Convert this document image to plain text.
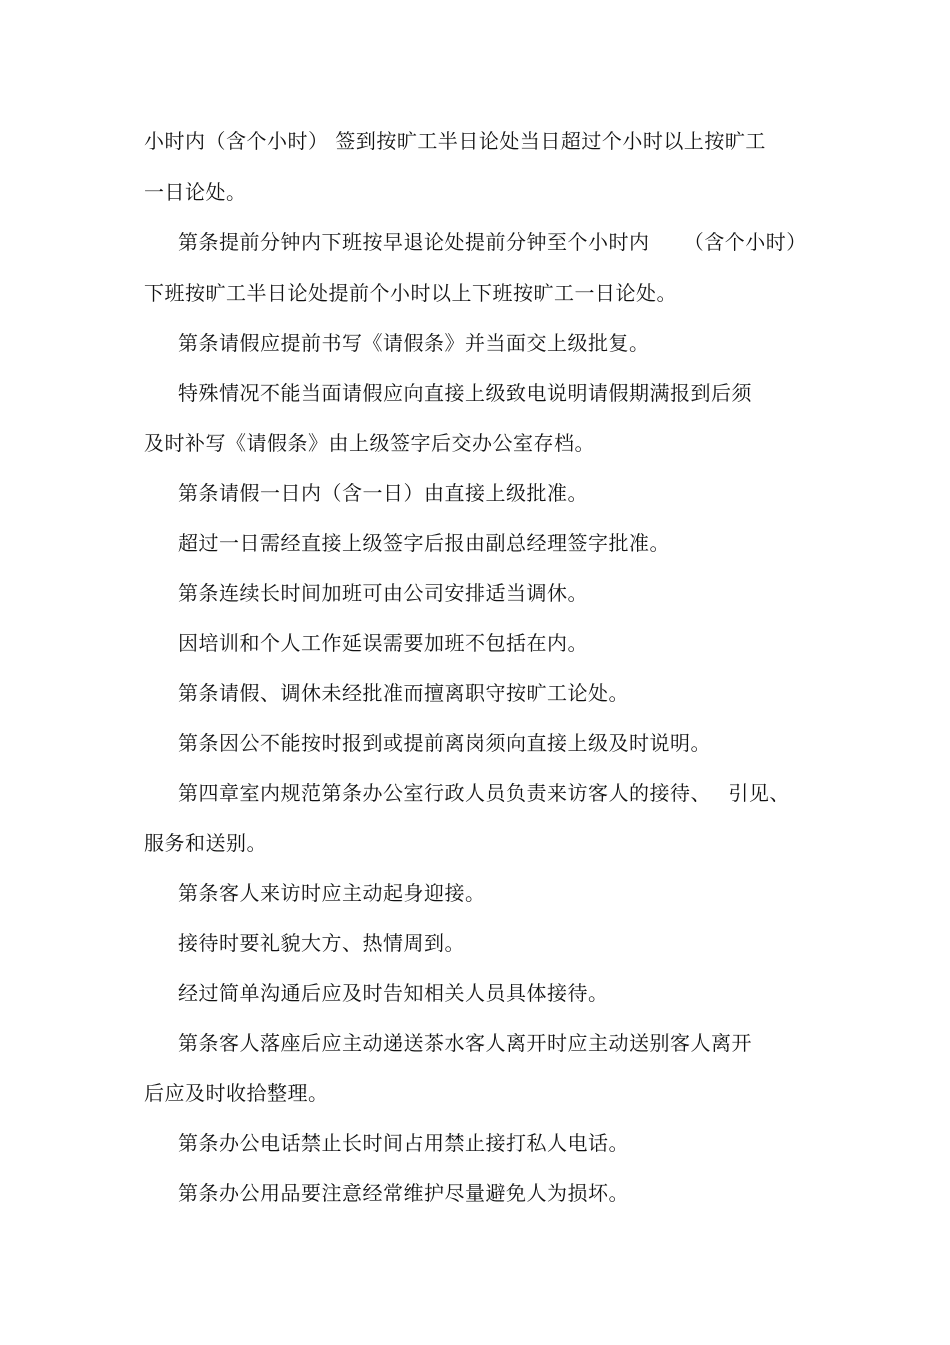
小时内（含个小时） 签到按旷工半日论处当日超过个小时以上按旷工
一日论处。
第条提前分钟内下班按早退论处提前分钟至个小时内　  （含个小时）
下班按旷工半日论处提前个小时以上下班按旷工一日论处。
第条请假应提前书写《请假条》并当面交上级批复。
特殊情况不能当面请假应向直接上级致电说明请假期满报到后须
及时补写《请假条》由上级签字后交办公室存档。
第条请假一日内（含一日）由直接上级批准。
超过一日需经直接上级签字后报由副总经理签字批准。
第条连续长时间加班可由公司安排适当调休。
因培训和个人工作延误需要加班不包括在内。
第条请假、调休未经批准而擅离职守按旷工论处。
第条因公不能按时报到或提前离岗须向直接上级及时说明。
第四章室内规范第条办公室行政人员负责来访客人的接待、　 引见、
服务和送别。
第条客人来访时应主动起身迎接。
接待时要礼貌大方、热情周到。
经过简单沟通后应及时告知相关人员具体接待。
第条客人落座后应主动递送茶水客人离开时应主动送别客人离开
后应及时收拾整理。
第条办公电话禁止长时间占用禁止接打私人电话。
第条办公用品要注意经常维护尽量避免人为损坏。
